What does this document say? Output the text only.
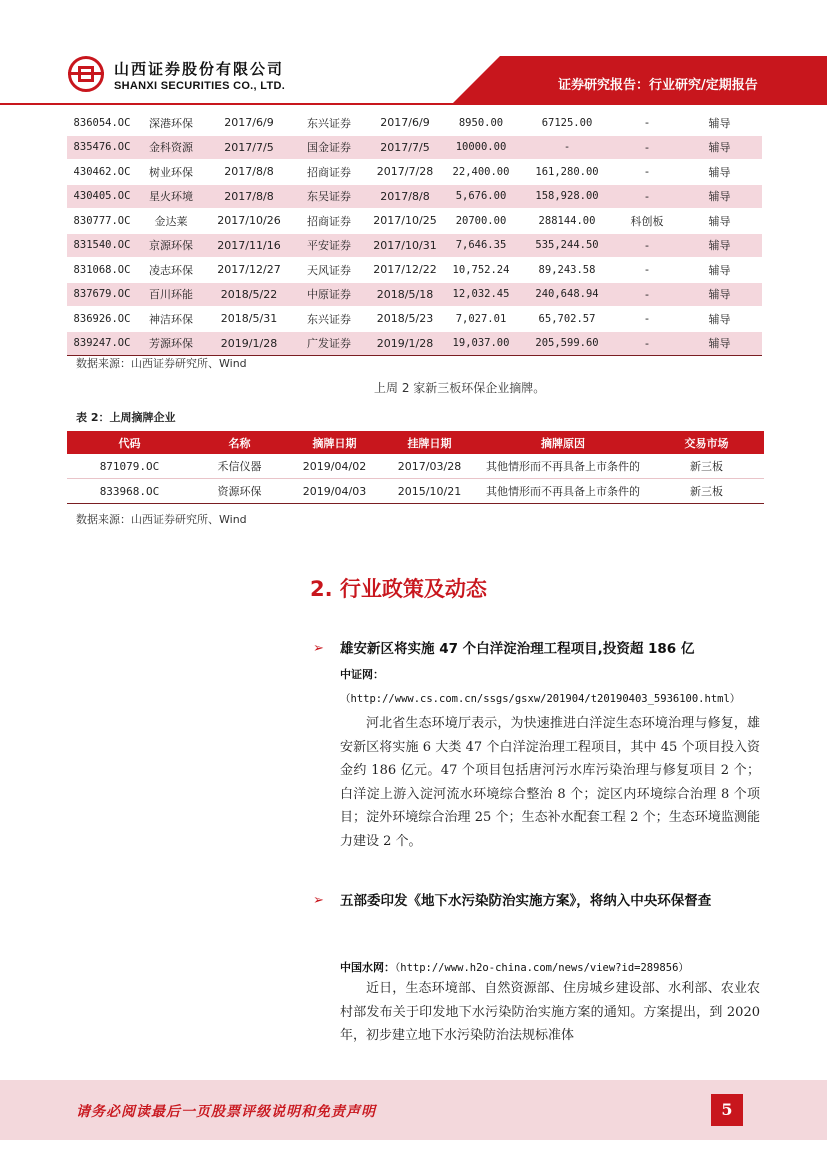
山西证券股份有限公司
SHANXI SECURITIES CO., LTD.	证券研究报告：行业研究/定期报告
836054.OC	深港环保	2017/6/9	东兴证券	2017/6/9	8950.00	67125.00	-	辅导
835476.OC	金科资源	2017/7/5	国金证券	2017/7/5	10000.00	-	-	辅导
430462.OC	树业环保	2017/8/8	招商证券	2017/7/28	22,400.00	161,280.00	-	辅导
430405.OC	星火环境	2017/8/8	东吴证券	2017/8/8	5,676.00	158,928.00	-	辅导
830777.OC	金达莱	2017/10/26	招商证券	2017/10/25	20700.00	288144.00	科创板	辅导
831540.OC	京源环保	2017/11/16	平安证券	2017/10/31	7,646.35	535,244.50	-	辅导
831068.OC	凌志环保	2017/12/27	天风证券	2017/12/22	10,752.24	89,243.58	-	辅导
837679.OC	百川环能	2018/5/22	中原证券	2018/5/18	12,032.45	240,648.94	-	辅导
836926.OC	神洁环保	2018/5/31	东兴证券	2018/5/23	7,027.01	65,702.57	-	辅导
839247.OC	芳源环保	2019/1/28	广发证券	2019/1/28	19,037.00	205,599.60	-	辅导
数据来源：山西证券研究所、Wind
上周 2 家新三板环保企业摘牌。
表 2：上周摘牌企业
代码	名称	摘牌日期	挂牌日期	摘牌原因	交易市场
871079.OC	禾信仪器	2019/04/02	2017/03/28	其他情形而不再具备上市条件的	新三板
833968.OC	资源环保	2019/04/03	2015/10/21	其他情形而不再具备上市条件的	新三板
数据来源：山西证券研究所、Wind
2. 行业政策及动态
➢ 雄安新区将实施 47 个白洋淀治理工程项目,投资超 186 亿
中证网：
（http://www.cs.com.cn/ssgs/gsxw/201904/t20190403_5936100.html）
河北省生态环境厅表示，为快速推进白洋淀生态环境治理与修复，雄安新区将实施 6 大类 47 个白洋淀治理工程项目，其中 45 个项目投入资金约 186 亿元。47 个项目包括唐河污水库污染治理与修复项目 2 个；白洋淀上游入淀河流水环境综合整治 8 个；淀区内环境综合治理 8 个项目；淀外环境综合治理 25 个；生态补水配套工程 2 个；生态环境监测能力建设 2 个。
➢ 五部委印发《地下水污染防治实施方案》，将纳入中央环保督查
中国水网：（http://www.h2o-china.com/news/view?id=289856）
近日，生态环境部、自然资源部、住房城乡建设部、水利部、农业农村部发布关于印发地下水污染防治实施方案的通知。方案提出，到 2020 年，初步建立地下水污染防治法规标准体
请务必阅读最后一页股票评级说明和免责声明	5
